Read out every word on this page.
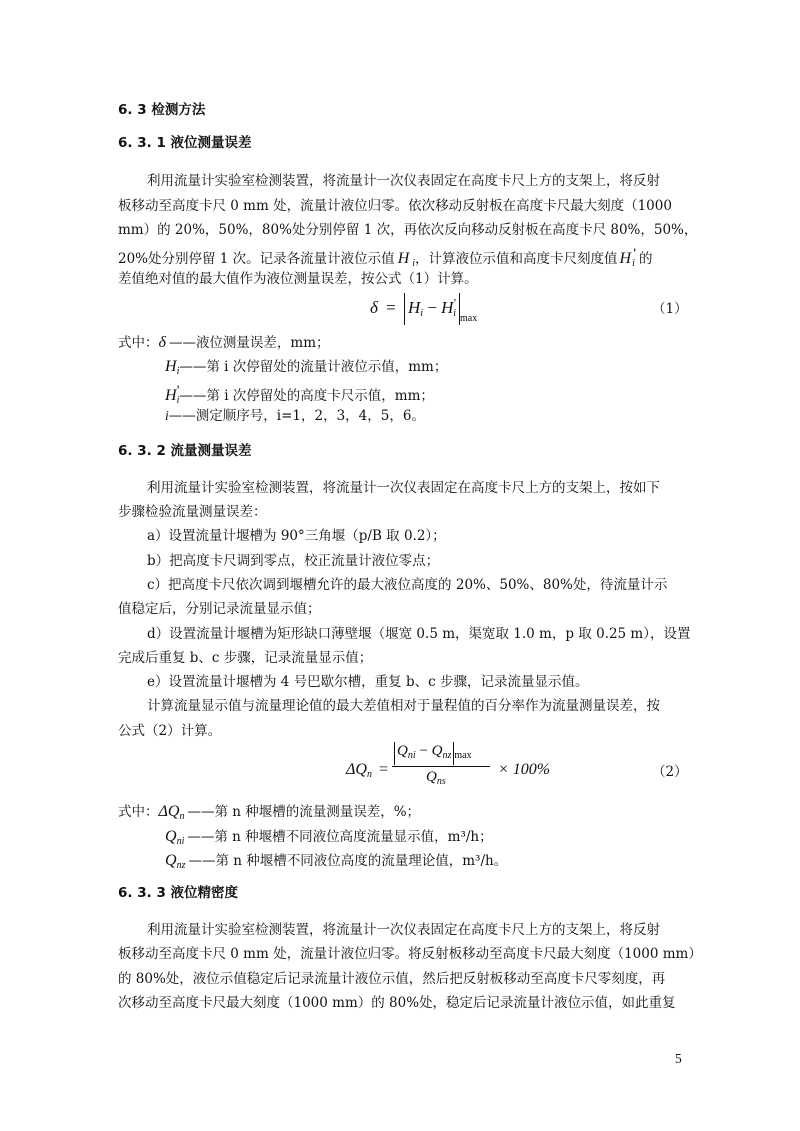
6. 3 检测方法
6. 3. 1 液位测量误差
利用流量计实验室检测装置，将流量计一次仪表固定在高度卡尺上方的支架上，将反射
板移动至高度卡尺 0 mm 处，流量计液位归零。依次移动反射板在高度卡尺最大刻度（1000
mm）的 20%，50%，80%处分别停留 1 次，再依次反向移动反射板在高度卡尺 80%，50%，
20%处分别停留 1 次。记录各流量计液位示值 H $_i$，计算液位示值和高度卡尺刻度值 H '$_i$ 的
差值绝对值的最大值作为液位测量误差，按公式（1）计算。
$\delta = H_i - H'_i$ $_{max}$
（1）
式中：δ ——液位测量误差，mm；
$H_i——$第 i 次停留处的流量计液位示值，mm；
$H'_i——$第 i 次停留处的高度卡尺示值，mm；
i——测定顺序号，i=1，2，3，4，5，6。
6. 3. 2 流量测量误差
利用流量计实验室检测装置，将流量计一次仪表固定在高度卡尺上方的支架上，按如下
步骤检验流量测量误差：
a）设置流量计堰槽为 90°三角堰（p/B 取 0.2）；
b）把高度卡尺调到零点，校正流量计液位零点；
c）把高度卡尺依次调到堰槽允许的最大液位高度的 20%、50%、80%处，待流量计示
值稳定后，分别记录流量显示值；
d）设置流量计堰槽为矩形缺口薄壁堰（堰宽 0.5 m，渠宽取 1.0 m，p 取 0.25 m），设置
完成后重复 b、c 步骤，记录流量显示值；
e）设置流量计堰槽为 4 号巴歇尔槽，重复 b、c 步骤，记录流量显示值。
计算流量显示值与流量理论值的最大差值相对于量程值的百分率作为流量测量误差，按
公式（2）计算。
$\Delta Q_n$ =
$Q_{ni} - Q_{nz}$ $_{max}$
$Q_{ns}$
× 100%	（2）
式中：$\Delta Q_n$ ——第 n 种堰槽的流量测量误差，%；
$Q_{ni}$ ——第 n 种堰槽不同液位高度流量显示值，m³/h；
$Q_{nz}$ ——第 n 种堰槽不同液位高度的流量理论值，m³/h。
6. 3. 3 液位精密度
利用流量计实验室检测装置，将流量计一次仪表固定在高度卡尺上方的支架上，将反射
板移动至高度卡尺 0 mm 处，流量计液位归零。将反射板移动至高度卡尺最大刻度（1000 mm）
的 80%处，液位示值稳定后记录流量计液位示值，然后把反射板移动至高度卡尺零刻度，再
次移动至高度卡尺最大刻度（1000 mm）的 80%处，稳定后记录流量计液位示值，如此重复
5
